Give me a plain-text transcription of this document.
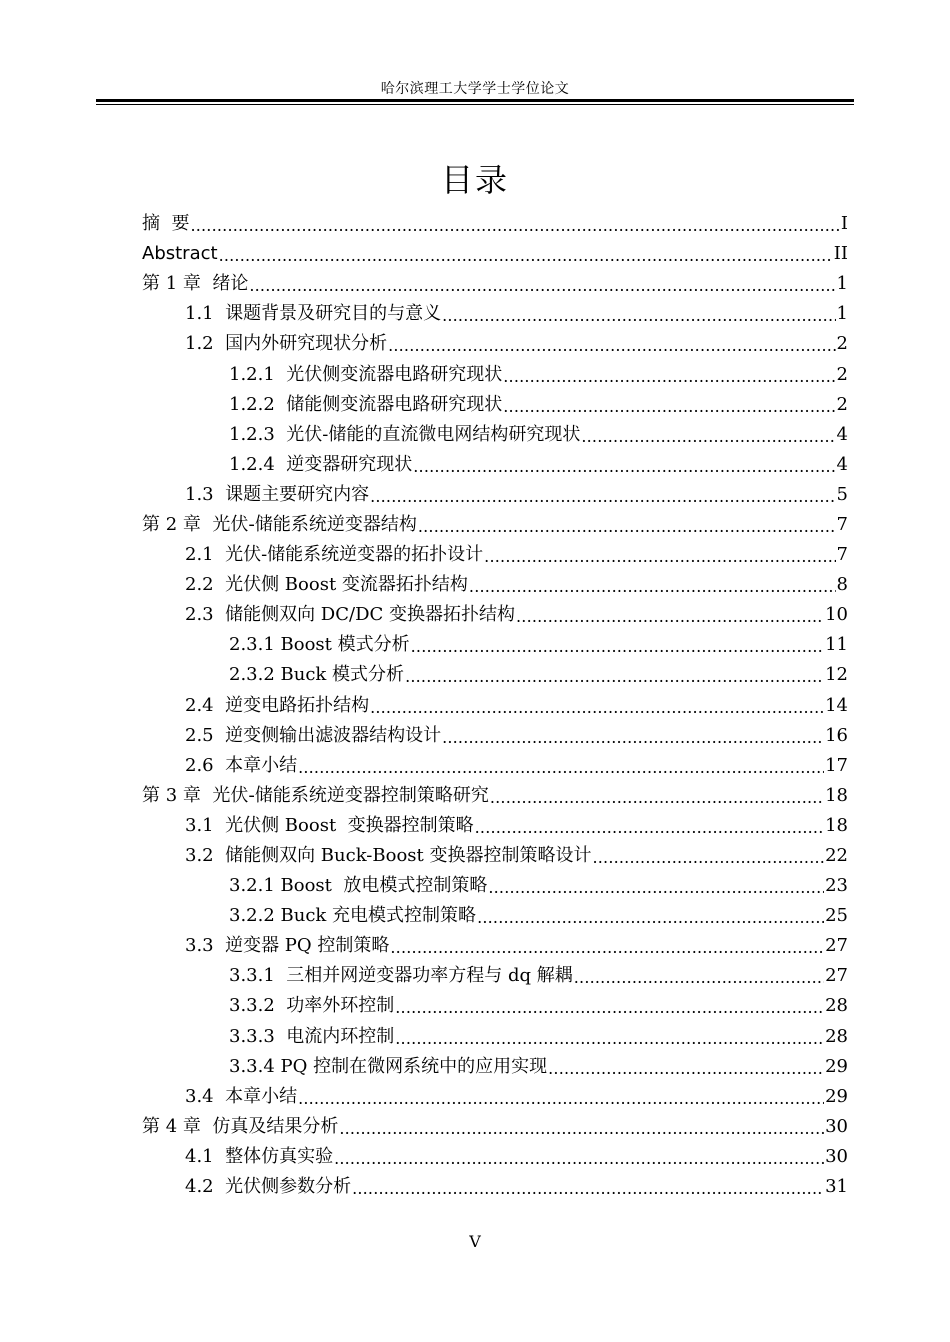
哈尔滨理工大学学士学位论文
目录
摘  要 .....	I
Abstract .....	II
第 1 章 绪论 .....	1
1.1 课题背景及研究目的与意义 .....	1
1.2 国内外研究现状分析 .....	2
1.2.1 光伏侧变流器电路研究现状 .....	2
1.2.2 储能侧变流器电路研究现状 .....	2
1.2.3 光伏-储能的直流微电网结构研究现状 .....	4
1.2.4 逆变器研究现状 .....	4
1.3 课题主要研究内容 .....	5
第 2 章 光伏-储能系统逆变器结构 .....	7
2.1 光伏-储能系统逆变器的拓扑设计 .....	7
2.2 光伏侧 Boost 变流器拓扑结构 .....	8
2.3 储能侧双向 DC/DC 变换器拓扑结构 .....	10
2.3.1 Boost 模式分析 .....	11
2.3.2 Buck 模式分析 .....	12
2.4 逆变电路拓扑结构 .....	14
2.5 逆变侧输出滤波器结构设计 .....	16
2.6 本章小结 .....	17
第 3 章 光伏-储能系统逆变器控制策略研究 .....	18
3.1 光伏侧 Boost  变换器控制策略 .....	18
3.2 储能侧双向 Buck-Boost 变换器控制策略设计 .....	22
3.2.1 Boost  放电模式控制策略 .....	23
3.2.2 Buck 充电模式控制策略 .....	25
3.3 逆变器 PQ 控制策略 .....	27
3.3.1 三相并网逆变器功率方程与 dq 解耦 .....	27
3.3.2 功率外环控制 .....	28
3.3.3 电流内环控制 .....	28
3.3.4 PQ 控制在微网系统中的应用实现 .....	29
3.4 本章小结 .....	29
第 4 章 仿真及结果分析 .....	30
4.1 整体仿真实验 .....	30
4.2 光伏侧参数分析 .....	31
V
